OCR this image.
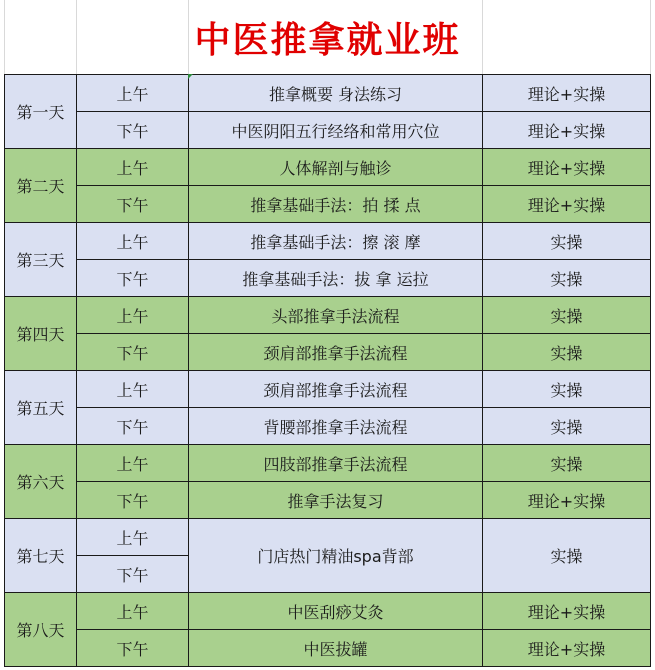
中医推拿就业班
第一天	上午	推拿概要 身法练习	理论+实操
	下午	中医阴阳五行经络和常用穴位	理论+实操
第二天	上午	人体解剖与触诊	理论+实操
	下午	推拿基础手法：拍 揉 点	理论+实操
第三天	上午	推拿基础手法：擦 滚 摩	实操
	下午	推拿基础手法：拔 拿 运拉	实操
第四天	上午	头部推拿手法流程	实操
	下午	颈肩部推拿手法流程	实操
第五天	上午	颈肩部推拿手法流程	实操
	下午	背腰部推拿手法流程	实操
第六天	上午	四肢部推拿手法流程	实操
	下午	推拿手法复习	理论+实操
第七天	上午	门店热门精油spa背部	实操
	下午		
第八天	上午	中医刮痧艾灸	理论+实操
	下午	中医拔罐	理论+实操
